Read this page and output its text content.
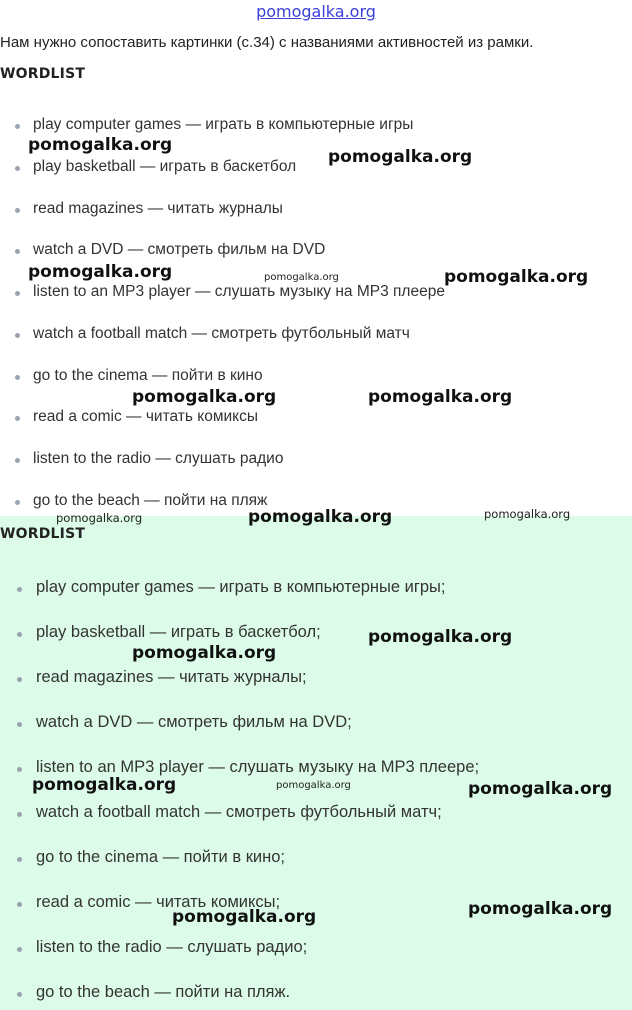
pomogalka.org
Нам нужно сопоставить картинки (с.34) с названиями активностей из рамки.
WORDLIST
play computer games — играть в компьютерные игры
play basketball — играть в баскетбол
read magazines — читать журналы
watch a DVD — смотреть фильм на DVD
listen to an MP3 player — слушать музыку на MP3 плеере
watch a football match — смотреть футбольный матч
go to the cinema — пойти в кино
read a comic — читать комиксы
listen to the radio — слушать радио
go to the beach — пойти на пляж
WORDLIST
play computer games — играть в компьютерные игры;
play basketball — играть в баскетбол;
read magazines — читать журналы;
watch a DVD — смотреть фильм на DVD;
listen to an MP3 player — слушать музыку на MP3 плеере;
watch a football match — смотреть футбольный матч;
go to the cinema — пойти в кино;
read a comic — читать комиксы;
listen to the radio — слушать радио;
go to the beach — пойти на пляж.
pomogalka.org
pomogalka.org
pomogalka.org	pomogalka.org	pomogalka.org
pomogalka.org	pomogalka.org
pomogalka.org	pomogalka.org	pomogalka.org
pomogalka.org
pomogalka.org
pomogalka.org	pomogalka.org	pomogalka.org
pomogalka.org	pomogalka.org
